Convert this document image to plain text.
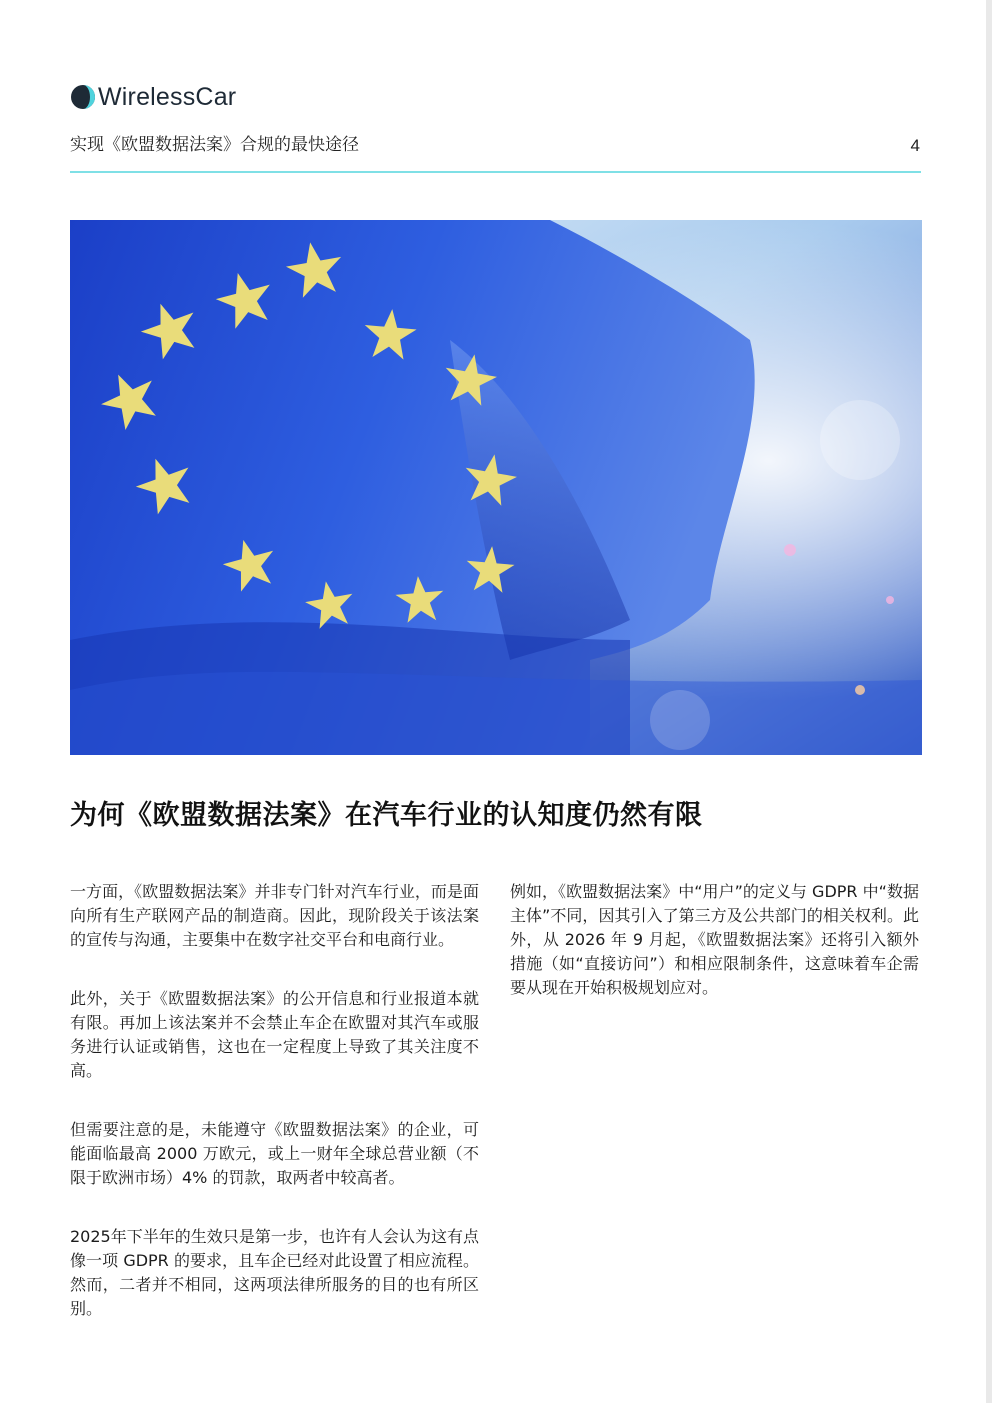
WirelessCar
实现《欧盟数据法案》合规的最快途径	4
为何《欧盟数据法案》在汽车行业的认知度仍然有限

一方面，《欧盟数据法案》并非专门针对汽车行业，而是面向所有生产联网产品的制造商。因此，现阶段关于该法案的宣传与沟通，主要集中在数字社交平台和电商行业。

此外，关于《欧盟数据法案》的公开信息和行业报道本就有限。再加上该法案并不会禁止车企在欧盟对其汽车或服务进行认证或销售，这也在一定程度上导致了其关注度不高。

但需要注意的是，未能遵守《欧盟数据法案》的企业，可能面临最高 2000 万欧元，或上一财年全球总营业额（不限于欧洲市场）4% 的罚款，取两者中较高者。

2025年下半年的生效只是第一步，也许有人会认为这有点像一项 GDPR 的要求，且车企已经对此设置了相应流程。 然而，二者并不相同，这两项法律所服务的目的也有所区别。

例如，《欧盟数据法案》中“用户”的定义与 GDPR 中“数据主体”不同，因其引入了第三方及公共部门的相关权利。此外，从 2026 年 9 月起，《欧盟数据法案》还将引入额外措施（如“直接访问”）和相应限制条件，这意味着车企需要从现在开始积极规划应对。
